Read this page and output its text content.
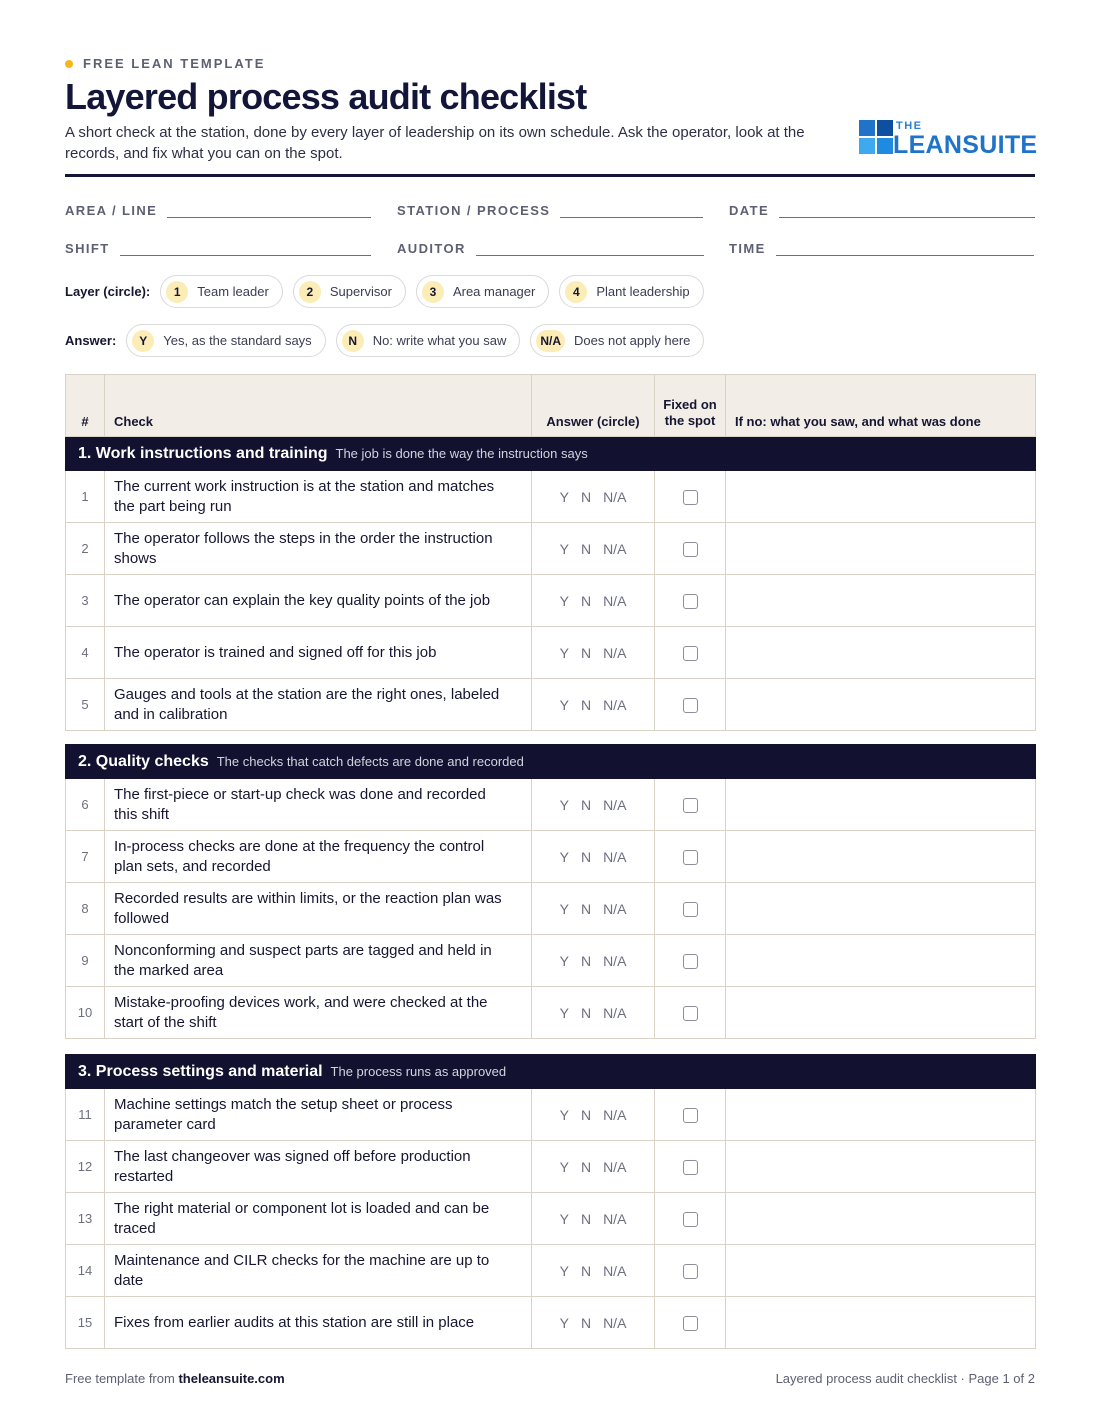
FREE LEAN TEMPLATE
Layered process audit checklist
A short check at the station, done by every layer of leadership on its own schedule. Ask the operator, look at the records, and fix what you can on the spot.
THE
LEANSUITE
AREA / LINE	STATION / PROCESS	DATE
SHIFT	AUDITOR	TIME
Layer (circle):	1	Team leader	2	Supervisor	3	Area manager	4	Plant leadership
Answer:	Y	Yes, as the standard says	N	No: write what you saw	N/A	Does not apply here
#	Check	Answer (circle)	Fixed on the spot	If no: what you saw, and what was done
1. Work instructions and training The job is done the way the instruction says				
1	The current work instruction is at the station and matches the part being run	Y N N/A		
2	The operator follows the steps in the order the instruction shows	Y N N/A		
3	The operator can explain the key quality points of the job	Y N N/A		
4	The operator is trained and signed off for this job	Y N N/A		
5	Gauges and tools at the station are the right ones, labeled and in calibration	Y N N/A		
2. Quality checks The checks that catch defects are done and recorded				
6	The first-piece or start-up check was done and recorded this shift	Y N N/A		
7	In-process checks are done at the frequency the control plan sets, and recorded	Y N N/A		
8	Recorded results are within limits, or the reaction plan was followed	Y N N/A		
9	Nonconforming and suspect parts are tagged and held in the marked area	Y N N/A		
10	Mistake-proofing devices work, and were checked at the start of the shift	Y N N/A		
3. Process settings and material The process runs as approved				
11	Machine settings match the setup sheet or process parameter card	Y N N/A		
12	The last changeover was signed off before production restarted	Y N N/A		
13	The right material or component lot is loaded and can be traced	Y N N/A		
14	Maintenance and CILR checks for the machine are up to date	Y N N/A		
15	Fixes from earlier audits at this station are still in place	Y N N/A		
Free template from theleansuite.com	Layered process audit checklist · Page 1 of 2
